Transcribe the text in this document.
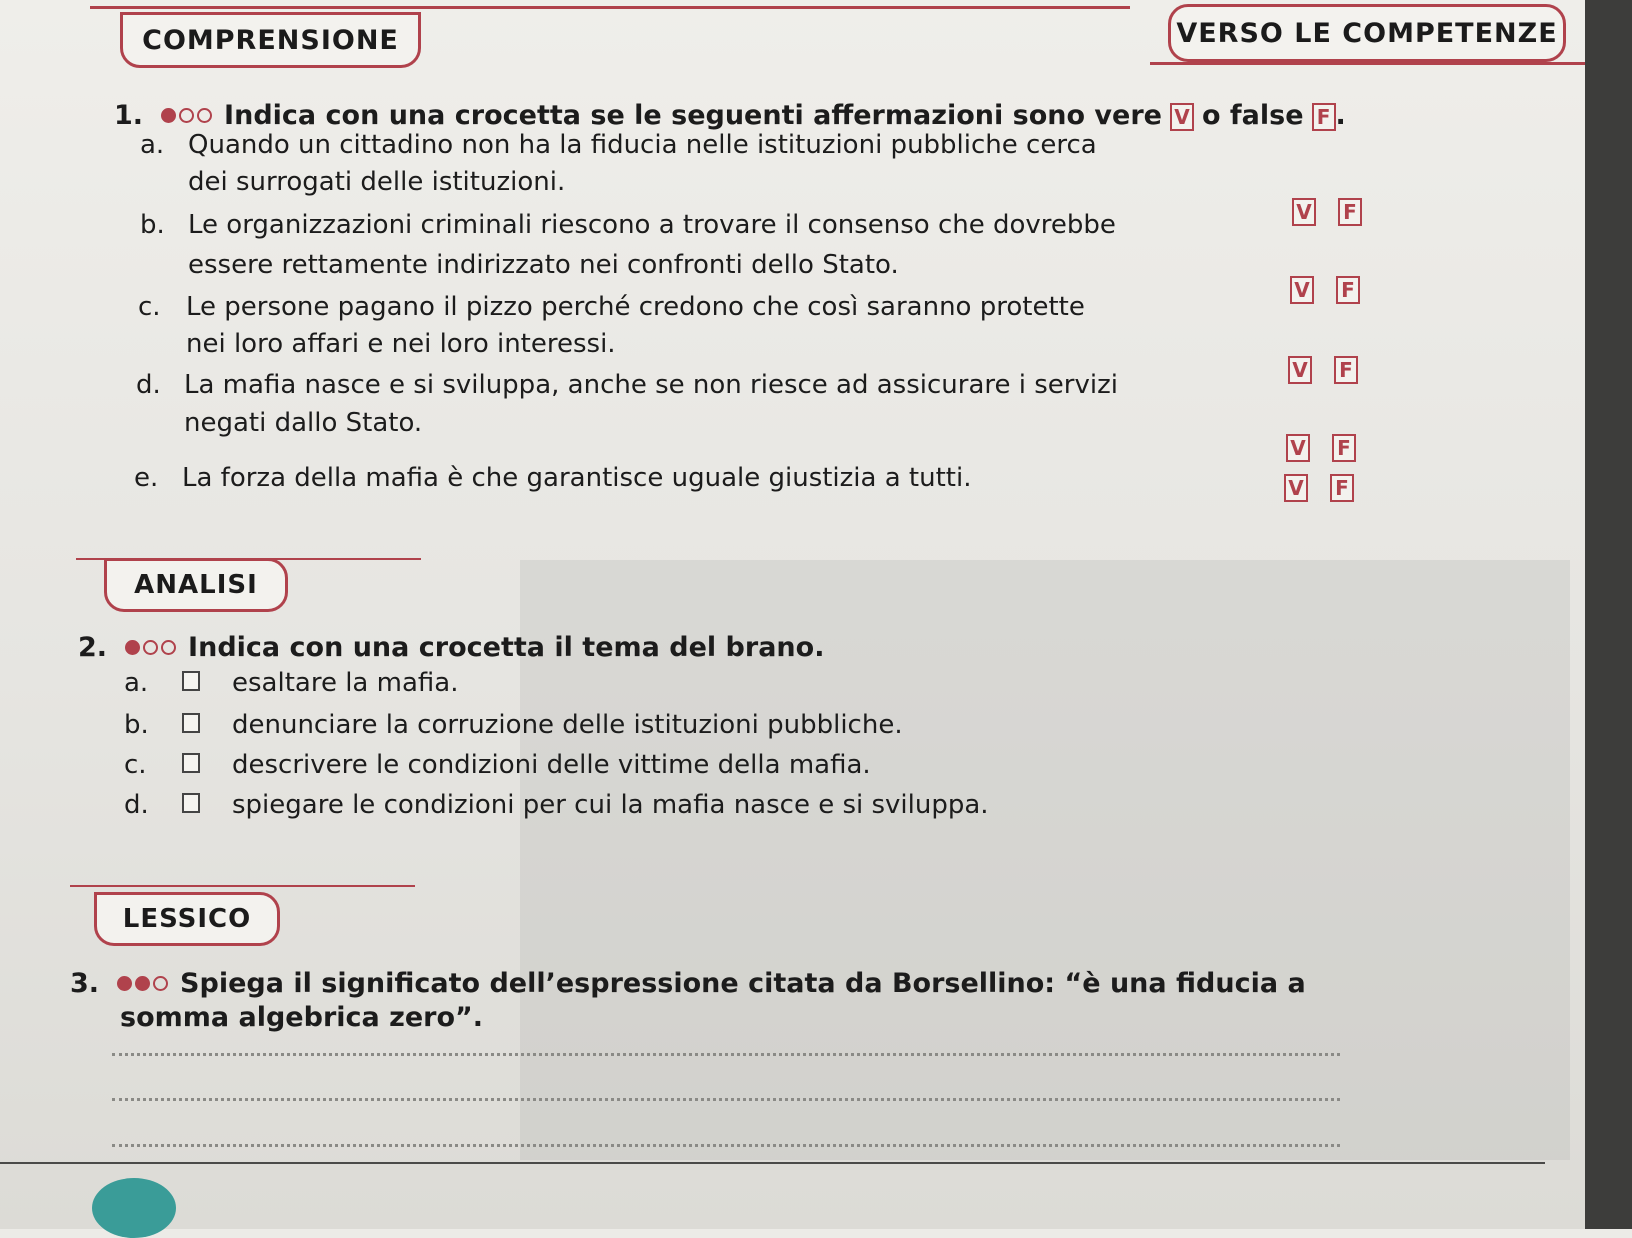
COMPRENSIONE	VERSO LE COMPETENZE
1.	Indica con una crocetta se le seguenti affermazioni sono vere V o false F .
a. Quando un cittadino non ha la fiducia nelle istituzioni pubbliche cerca
dei surrogati delle istituzioni.
V F
b. Le organizzazioni criminali riescono a trovare il consenso che dovrebbe
essere rettamente indirizzato nei confronti dello Stato.
V F
c. Le persone pagano il pizzo perché credono che così saranno protette
nei loro affari e nei loro interessi.
V F
d. La mafia nasce e si sviluppa, anche se non riesce ad assicurare i servizi
negati dallo Stato.
V F
e. La forza della mafia è che garantisce uguale giustizia a tutti.	V F
ANALISI
2.	Indica con una crocetta il tema del brano.
a.	esaltare la mafia.
b.	denunciare la corruzione delle istituzioni pubbliche.
c.	descrivere le condizioni delle vittime della mafia.
d.	spiegare le condizioni per cui la mafia nasce e si sviluppa.
LESSICO
3.	Spiega il significato dell’espressione citata da Borsellino: “è una fiducia a
somma algebrica zero”.
